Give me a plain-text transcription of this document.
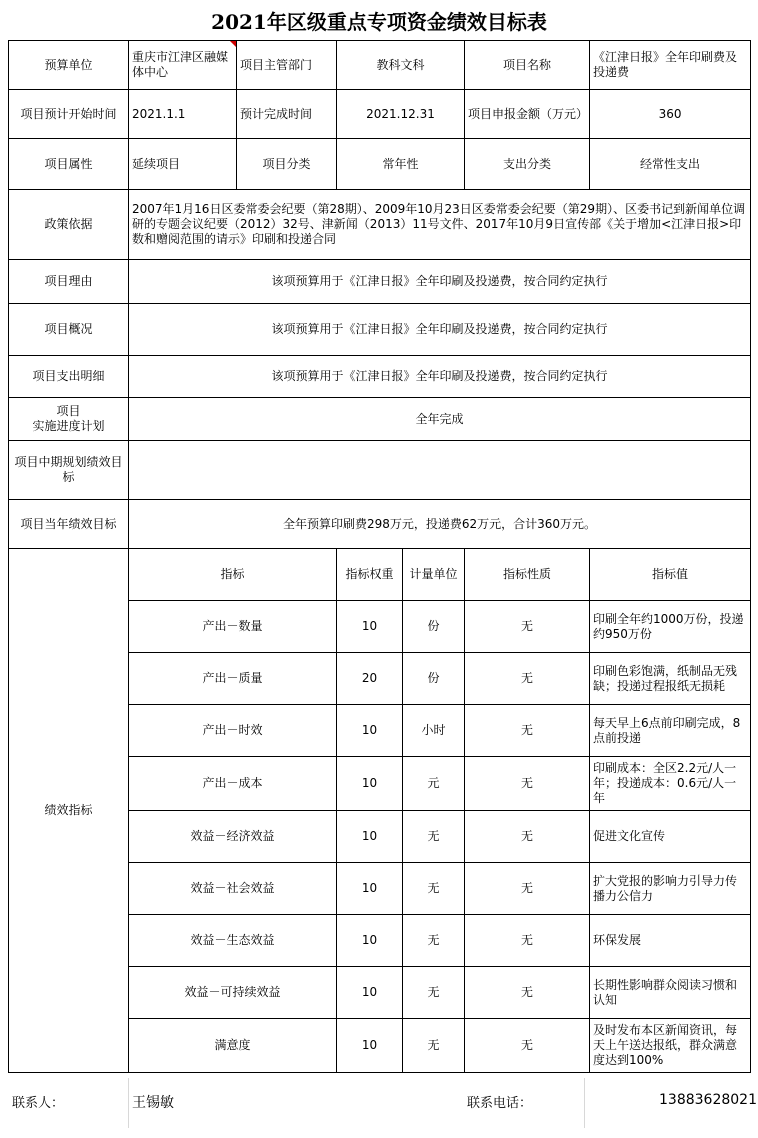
2021年区级重点专项资金绩效目标表
预算单位	重庆市江津区融媒体中心	项目主管部门	教科文科		项目名称	《江津日报》全年印刷费及投递费
项目预计开始时间	2021.1.1	预计完成时间	2021.12.31		项目申报金额（万元）	360
项目属性	延续项目	项目分类	常年性		支出分类	经常性支出
政策依据	2007年1月16日区委常委会纪要（第28期）、2009年10月23日区委常委会纪要（第29期）、区委书记到新闻单位调研的专题会议纪要（2012）32号、津新闻（2013）11号文件、2017年10月9日宣传部《关于增加<江津日报>印数和赠阅范围的请示》印刷和投递合同					
项目理由	该项预算用于《江津日报》全年印刷及投递费，按合同约定执行					
项目概况	该项预算用于《江津日报》全年印刷及投递费，按合同约定执行					
项目支出明细	该项预算用于《江津日报》全年印刷及投递费，按合同约定执行					
项目
实施进度计划	全年完成					
项目中期规划绩效目标						
项目当年绩效目标	全年预算印刷费298万元，投递费62万元，合计360万元。					
绩效指标	指标		指标权重	计量单位	指标性质	指标值
	产出－数量		10	份	无	印刷全年约1000万份，投递约950万份
	产出－质量		20	份	无	印刷色彩饱满，纸制品无残缺；投递过程报纸无损耗
	产出－时效		10	小时	无	每天早上6点前印刷完成，8点前投递
	产出－成本		10	元	无	印刷成本：全区2.2元/人一年；投递成本：0.6元/人一年
	效益－经济效益		10	无	无	促进文化宣传
	效益－社会效益		10	无	无	扩大党报的影响力引导力传播力公信力
	效益－生态效益		10	无	无	环保发展
	效益－可持续效益		10	无	无	长期性影响群众阅读习惯和认知
	满意度		10	无	无	及时发布本区新闻资讯，每天上午送达报纸，群众满意度达到100%
联系人：	王锡敏	联系电话：	13883628021
